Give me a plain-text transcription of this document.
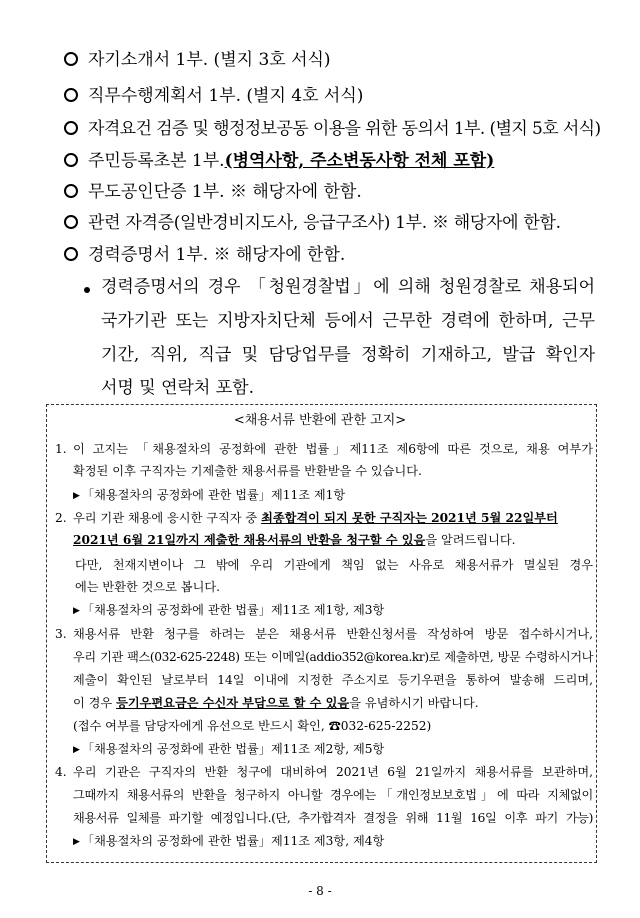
자기소개서 1부. (별지 3호 서식)
직무수행계획서 1부. (별지 4호 서식)
자격요건 검증 및 행정정보공동 이용을 위한 동의서 1부. (별지 5호 서식)
주민등록초본 1부.(병역사항, 주소변동사항 전체 포함)
무도공인단증 1부. ※ 해당자에 한함.
관련 자격증(일반경비지도사, 응급구조사) 1부. ※ 해당자에 한함.
경력증명서 1부. ※ 해당자에 한함.
경력증명서의 경우 「청원경찰법」에 의해 청원경찰로 채용되어
국가기관 또는 지방자치단체 등에서 근무한 경력에 한하며, 근무
기간, 직위, 직급 및 담당업무를 정확히 기재하고, 발급 확인자
서명 및 연락처 포함.
<채용서류 반환에 관한 고지>
1. 이 고지는 「채용절차의 공정화에 관한 법률」제11조 제6항에 따른 것으로, 채용 여부가
확정된 이후 구직자는 기제출한 채용서류를 반환받을 수 있습니다.
▶ 「채용절차의 공정화에 관한 법률」제11조 제1항
2. 우리 기관 채용에 응시한 구직자 중 최종합격이 되지 못한 구직자는 2021년 5월 22일부터
2021년 6월 21일까지 제출한 채용서류의 반환을 청구할 수 있음을 알려드립니다.
다만, 천재지변이나 그 밖에 우리 기관에게 책임 없는 사유로 채용서류가 멸실된 경우
에는 반환한 것으로 봅니다.
▶ 「채용절차의 공정화에 관한 법률」제11조 제1항, 제3항
3. 채용서류 반환 청구를 하려는 분은 채용서류 반환신청서를 작성하여 방문 접수하시거나,
우리 기관 팩스(032-625-2248) 또는 이메일(addio352@korea.kr)로 제출하면, 방문 수령하시거나
제출이 확인된 날로부터 14일 이내에 지정한 주소지로 등기우편을 통하여 발송해 드리며,
이 경우 등기우편요금은 수신자 부담으로 할 수 있음을 유념하시기 바랍니다.
(접수 여부를 담당자에게 유선으로 반드시 확인, ☎032-625-2252)
▶ 「채용절차의 공정화에 관한 법률」제11조 제2항, 제5항
4. 우리 기관은 구직자의 반환 청구에 대비하여 2021년 6월 21일까지 채용서류를 보관하며,
그때까지 채용서류의 반환을 청구하지 아니할 경우에는「개인정보보호법」에 따라 지체없이
채용서류 일체를 파기할 예정입니다.(단, 추가합격자 결정을 위해 11월 16일 이후 파기 가능)
▶ 「채용절차의 공정화에 관한 법률」제11조 제3항, 제4항
- 8 -
